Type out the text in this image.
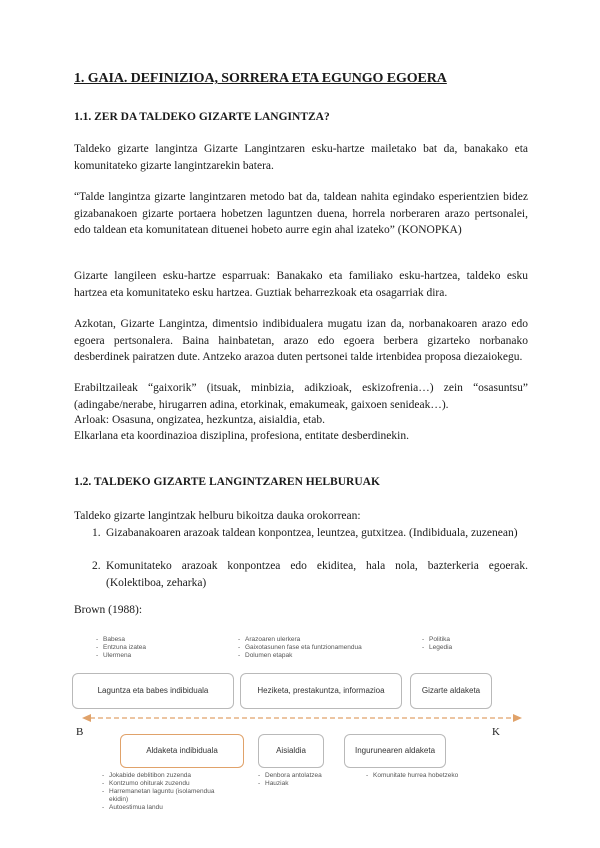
1. GAIA. DEFINIZIOA, SORRERA ETA EGUNGO EGOERA
1.1. ZER DA TALDEKO GIZARTE LANGINTZA?
Taldeko gizarte langintza Gizarte Langintzaren esku-hartze mailetako bat da, banakako eta komunitateko gizarte langintzarekin batera.
“Talde langintza gizarte langintzaren metodo bat da, taldean nahita egindako esperientzien bidez gizabanakoen gizarte portaera hobetzen laguntzen duena, horrela norberaren arazo pertsonalei, edo taldean eta komunitatean dituenei hobeto aurre egin ahal izateko” (KONOPKA)
Gizarte langileen esku-hartze esparruak: Banakako eta familiako esku-hartzea, taldeko esku hartzea eta komunitateko esku hartzea. Guztiak beharrezkoak eta osagarriak dira.
Azkotan, Gizarte Langintza, dimentsio indibidualera mugatu izan da, norbanakoaren arazo edo egoera pertsonalera. Baina hainbatetan, arazo edo egoera berbera gizarteko norbanako desberdinek pairatzen dute. Antzeko arazoa duten pertsonei talde irtenbidea proposa diezaiokegu.
Erabiltzaileak “gaixorik” (itsuak, minbizia, adikzioak, eskizofrenia…) zein “osasuntsu” (adingabe/nerabe, hirugarren adina, etorkinak, emakumeak, gaixoen senideak…).
Arloak: Osasuna, ongizatea, hezkuntza, aisialdia, etab.
Elkarlana eta koordinazioa disziplina, profesiona, entitate desberdinekin.
1.2. TALDEKO GIZARTE LANGINTZAREN HELBURUAK
Taldeko gizarte langintzak helburu bikoitza dauka orokorrean:
1. Gizabanakoaren arazoak taldean konpontzea, leuntzea, gutxitzea. (Indibiduala, zuzenean)
2. Komunitateko arazoak konpontzea edo ekiditea, hala nola, bazterkeria egoerak. (Kolektiboa, zeharka)
Brown (1988):
- Babesa
- Entzuna izatea
- Ulermena
- Arazoaren ulerkera
- Gaixotasunen fase eta funtzionamendua
- Dolumen etapak
- Politika
- Legedia
Laguntza eta babes indibiduala	Heziketa, prestakuntza, informazioa	Gizarte aldaketa
B	K
Aldaketa indibiduala	Aisialdia	Ingurunearen aldaketa
- Jokabide deblitibon zuzenda
- Kontzumo ohiturak zuzendu
- Harremanetan laguntu (isolamendua ekidin)
- Autoestimua landu
- Denbora antolatzea
- Hauziak
- Komunitate hurrea hobetzeko
